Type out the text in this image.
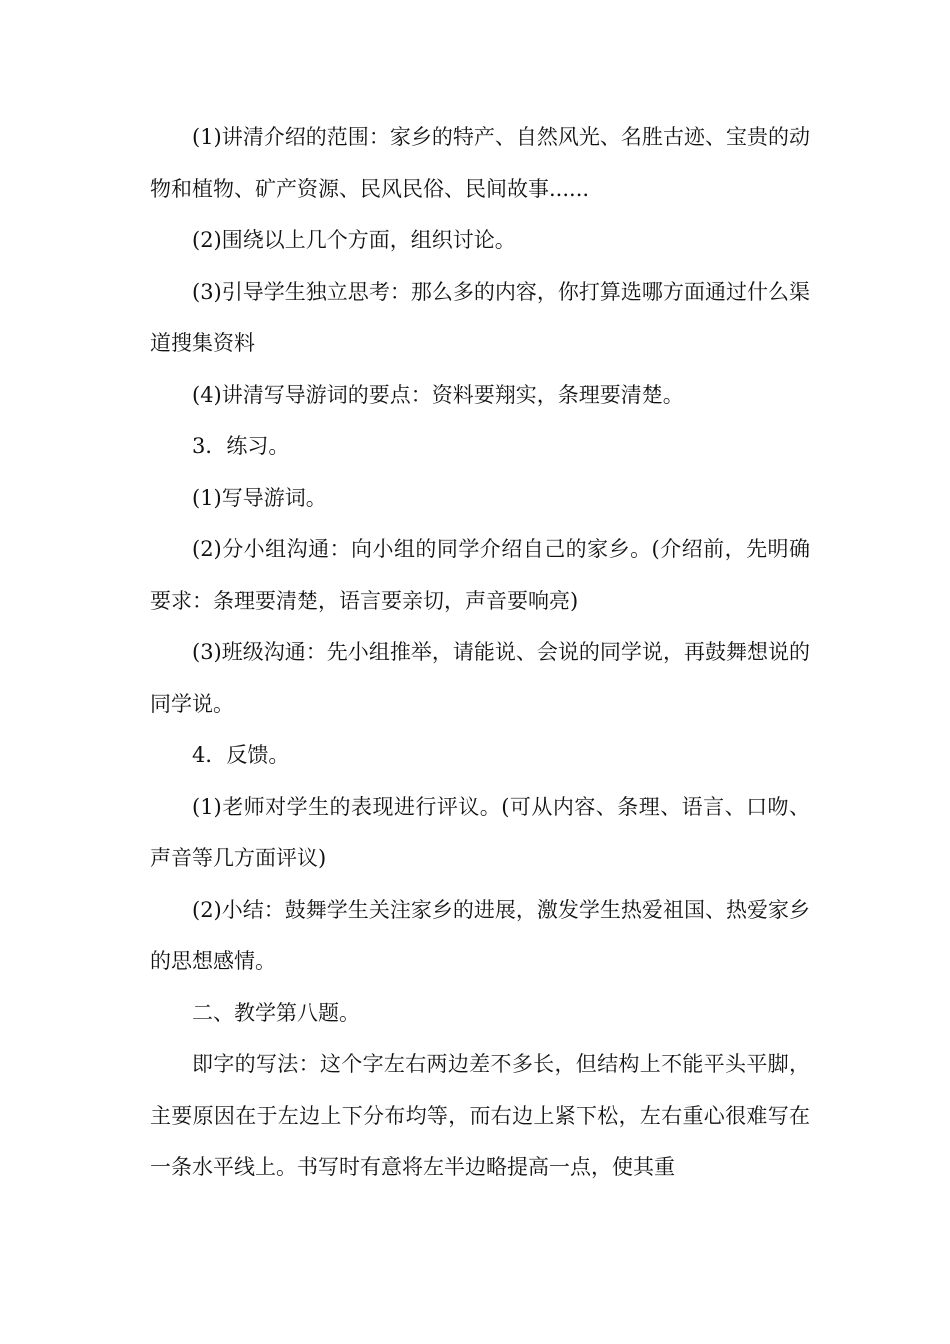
(1)讲清介绍的范围：家乡的特产、自然风光、名胜古迹、宝贵的动物和植物、矿产资源、民风民俗、民间故事......

(2)围绕以上几个方面，组织讨论。

(3)引导学生独立思考：那么多的内容，你打算选哪方面通过什么渠道搜集资料

(4)讲清写导游词的要点：资料要翔实，条理要清楚。

3．练习。

(1)写导游词。

(2)分小组沟通：向小组的同学介绍自己的家乡。(介绍前，先明确要求：条理要清楚，语言要亲切，声音要响亮)

(3)班级沟通：先小组推举，请能说、会说的同学说，再鼓舞想说的同学说。

4．反馈。

(1)老师对学生的表现进行评议。(可从内容、条理、语言、口吻、声音等几方面评议)

(2)小结：鼓舞学生关注家乡的进展，激发学生热爱祖国、热爱家乡的思想感情。

二、教学第八题。

即字的写法：这个字左右两边差不多长，但结构上不能平头平脚，主要原因在于左边上下分布均等，而右边上紧下松，左右重心很难写在一条水平线上。书写时有意将左半边略提高一点，使其重
